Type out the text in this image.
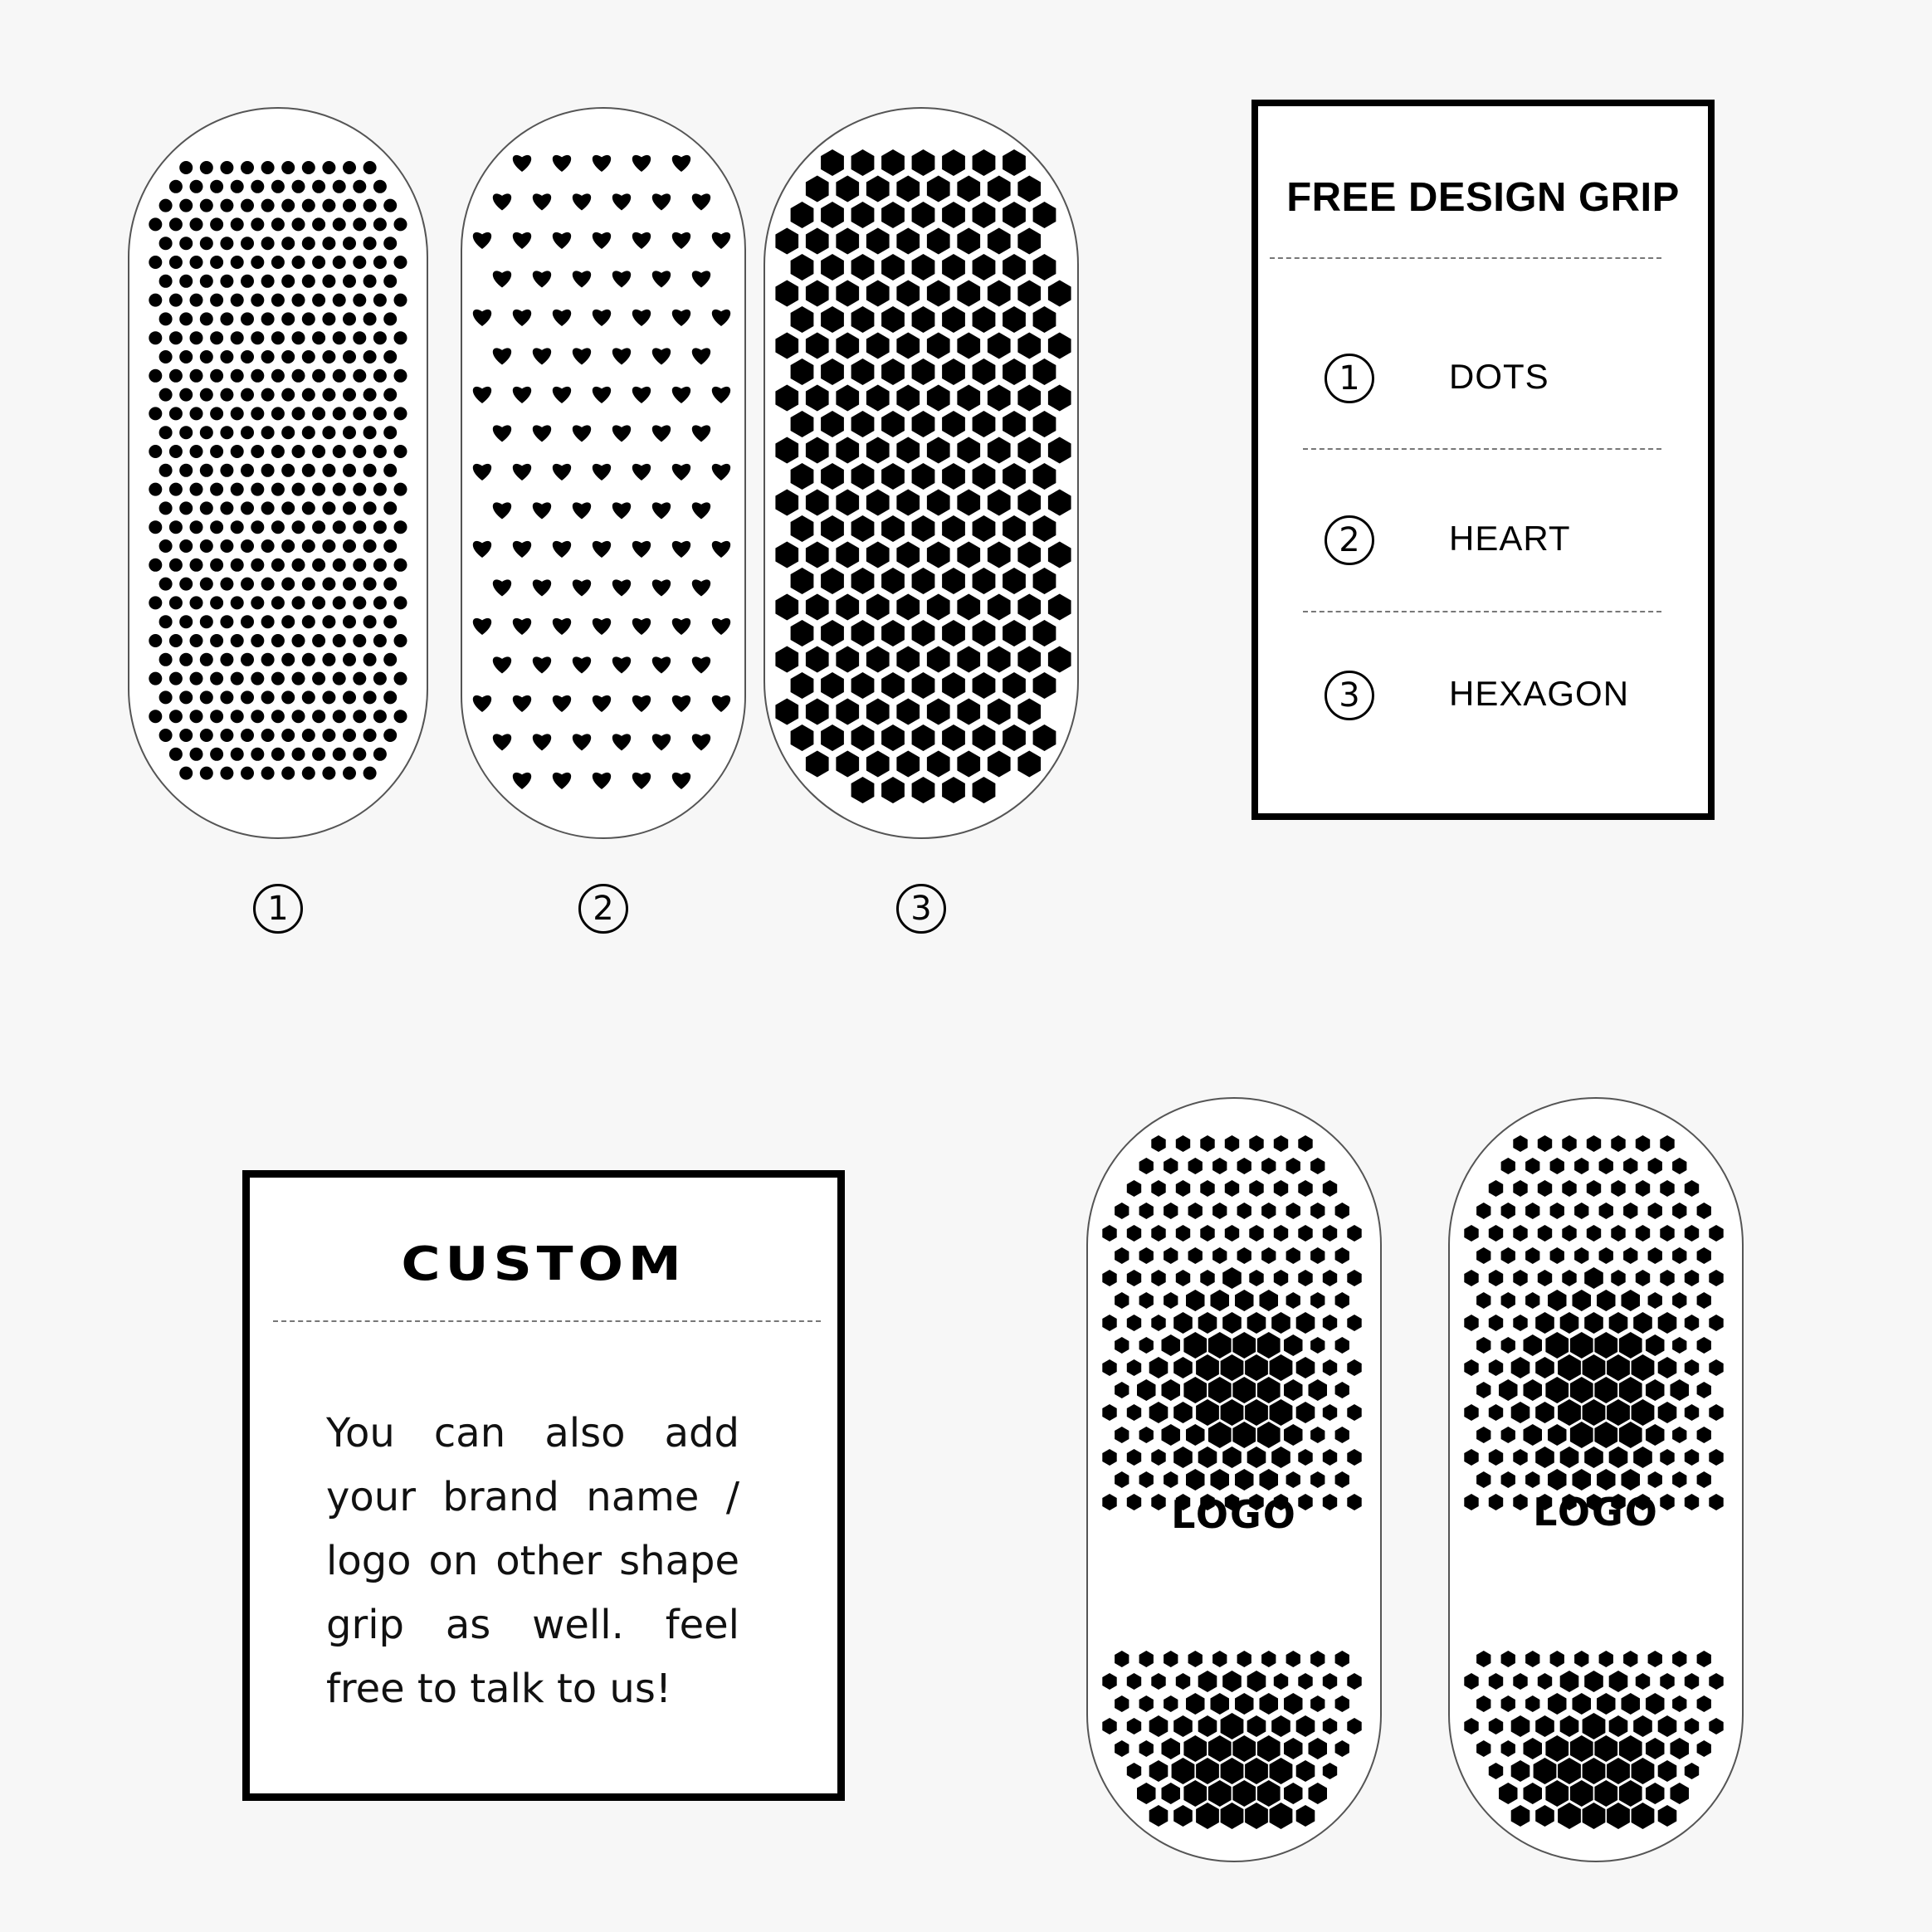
1	2	3
FREE DESIGN GRIP
1	DOTS
2	HEART
3	HEXAGON
CUSTOM
You can also add your brand name / logo on other shape grip as well. feel free to talk to us!
LOGO	LOGO
